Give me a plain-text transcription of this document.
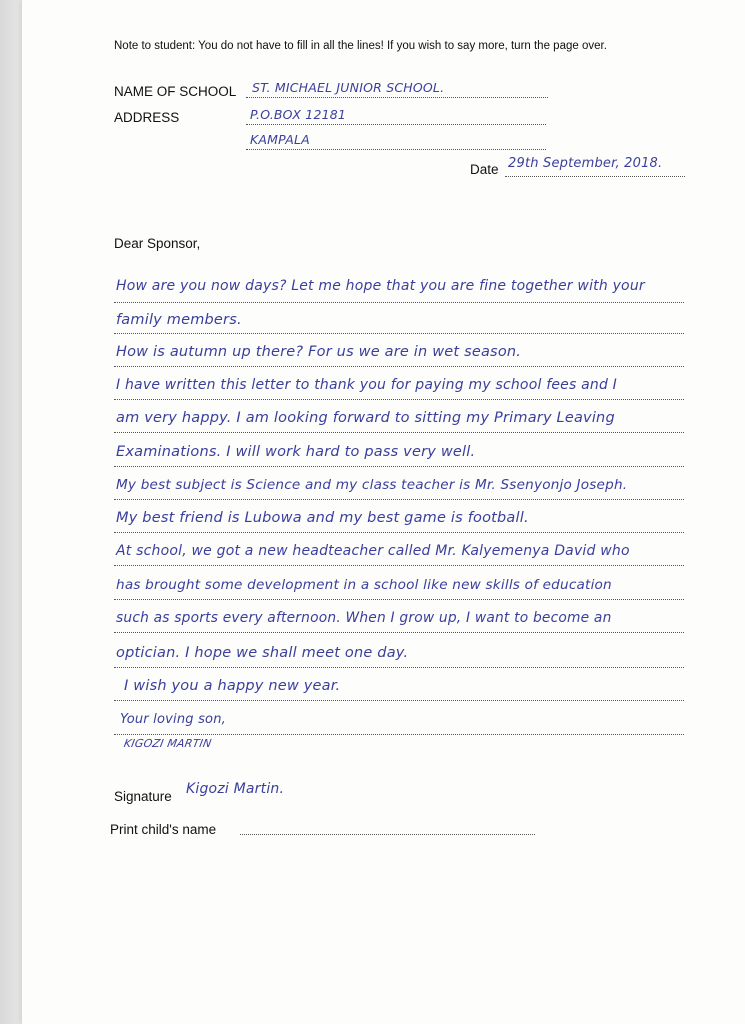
Note to student: You do not have to fill in all the lines! If you wish to say more, turn the page over.
NAME OF SCHOOL ST. MICHAEL JUNIOR SCHOOL.
ADDRESS	P.O.BOX 12181
KAMPALA
Date 29th September, 2018.
Dear Sponsor,
How are you now days? Let me hope that you are fine together with your
family members.
How is autumn up there? For us we are in wet season.
I have written this letter to thank you for paying my school fees and I
am very happy. I am looking forward to sitting my Primary Leaving
Examinations. I will work hard to pass very well.
My best subject is Science and my class teacher is Mr. Ssenyonjo Joseph.
My best friend is Lubowa and my best game is football.
At school, we got a new headteacher called Mr. Kalyemenya David who
has brought some development in a school like new skills of education
such as sports every afternoon. When I grow up, I want to become an
optician. I hope we shall meet one day.
I wish you a happy new year.
Your loving son,
KIGOZI MARTIN
Signature Kigozi Martin.
Print child's name
